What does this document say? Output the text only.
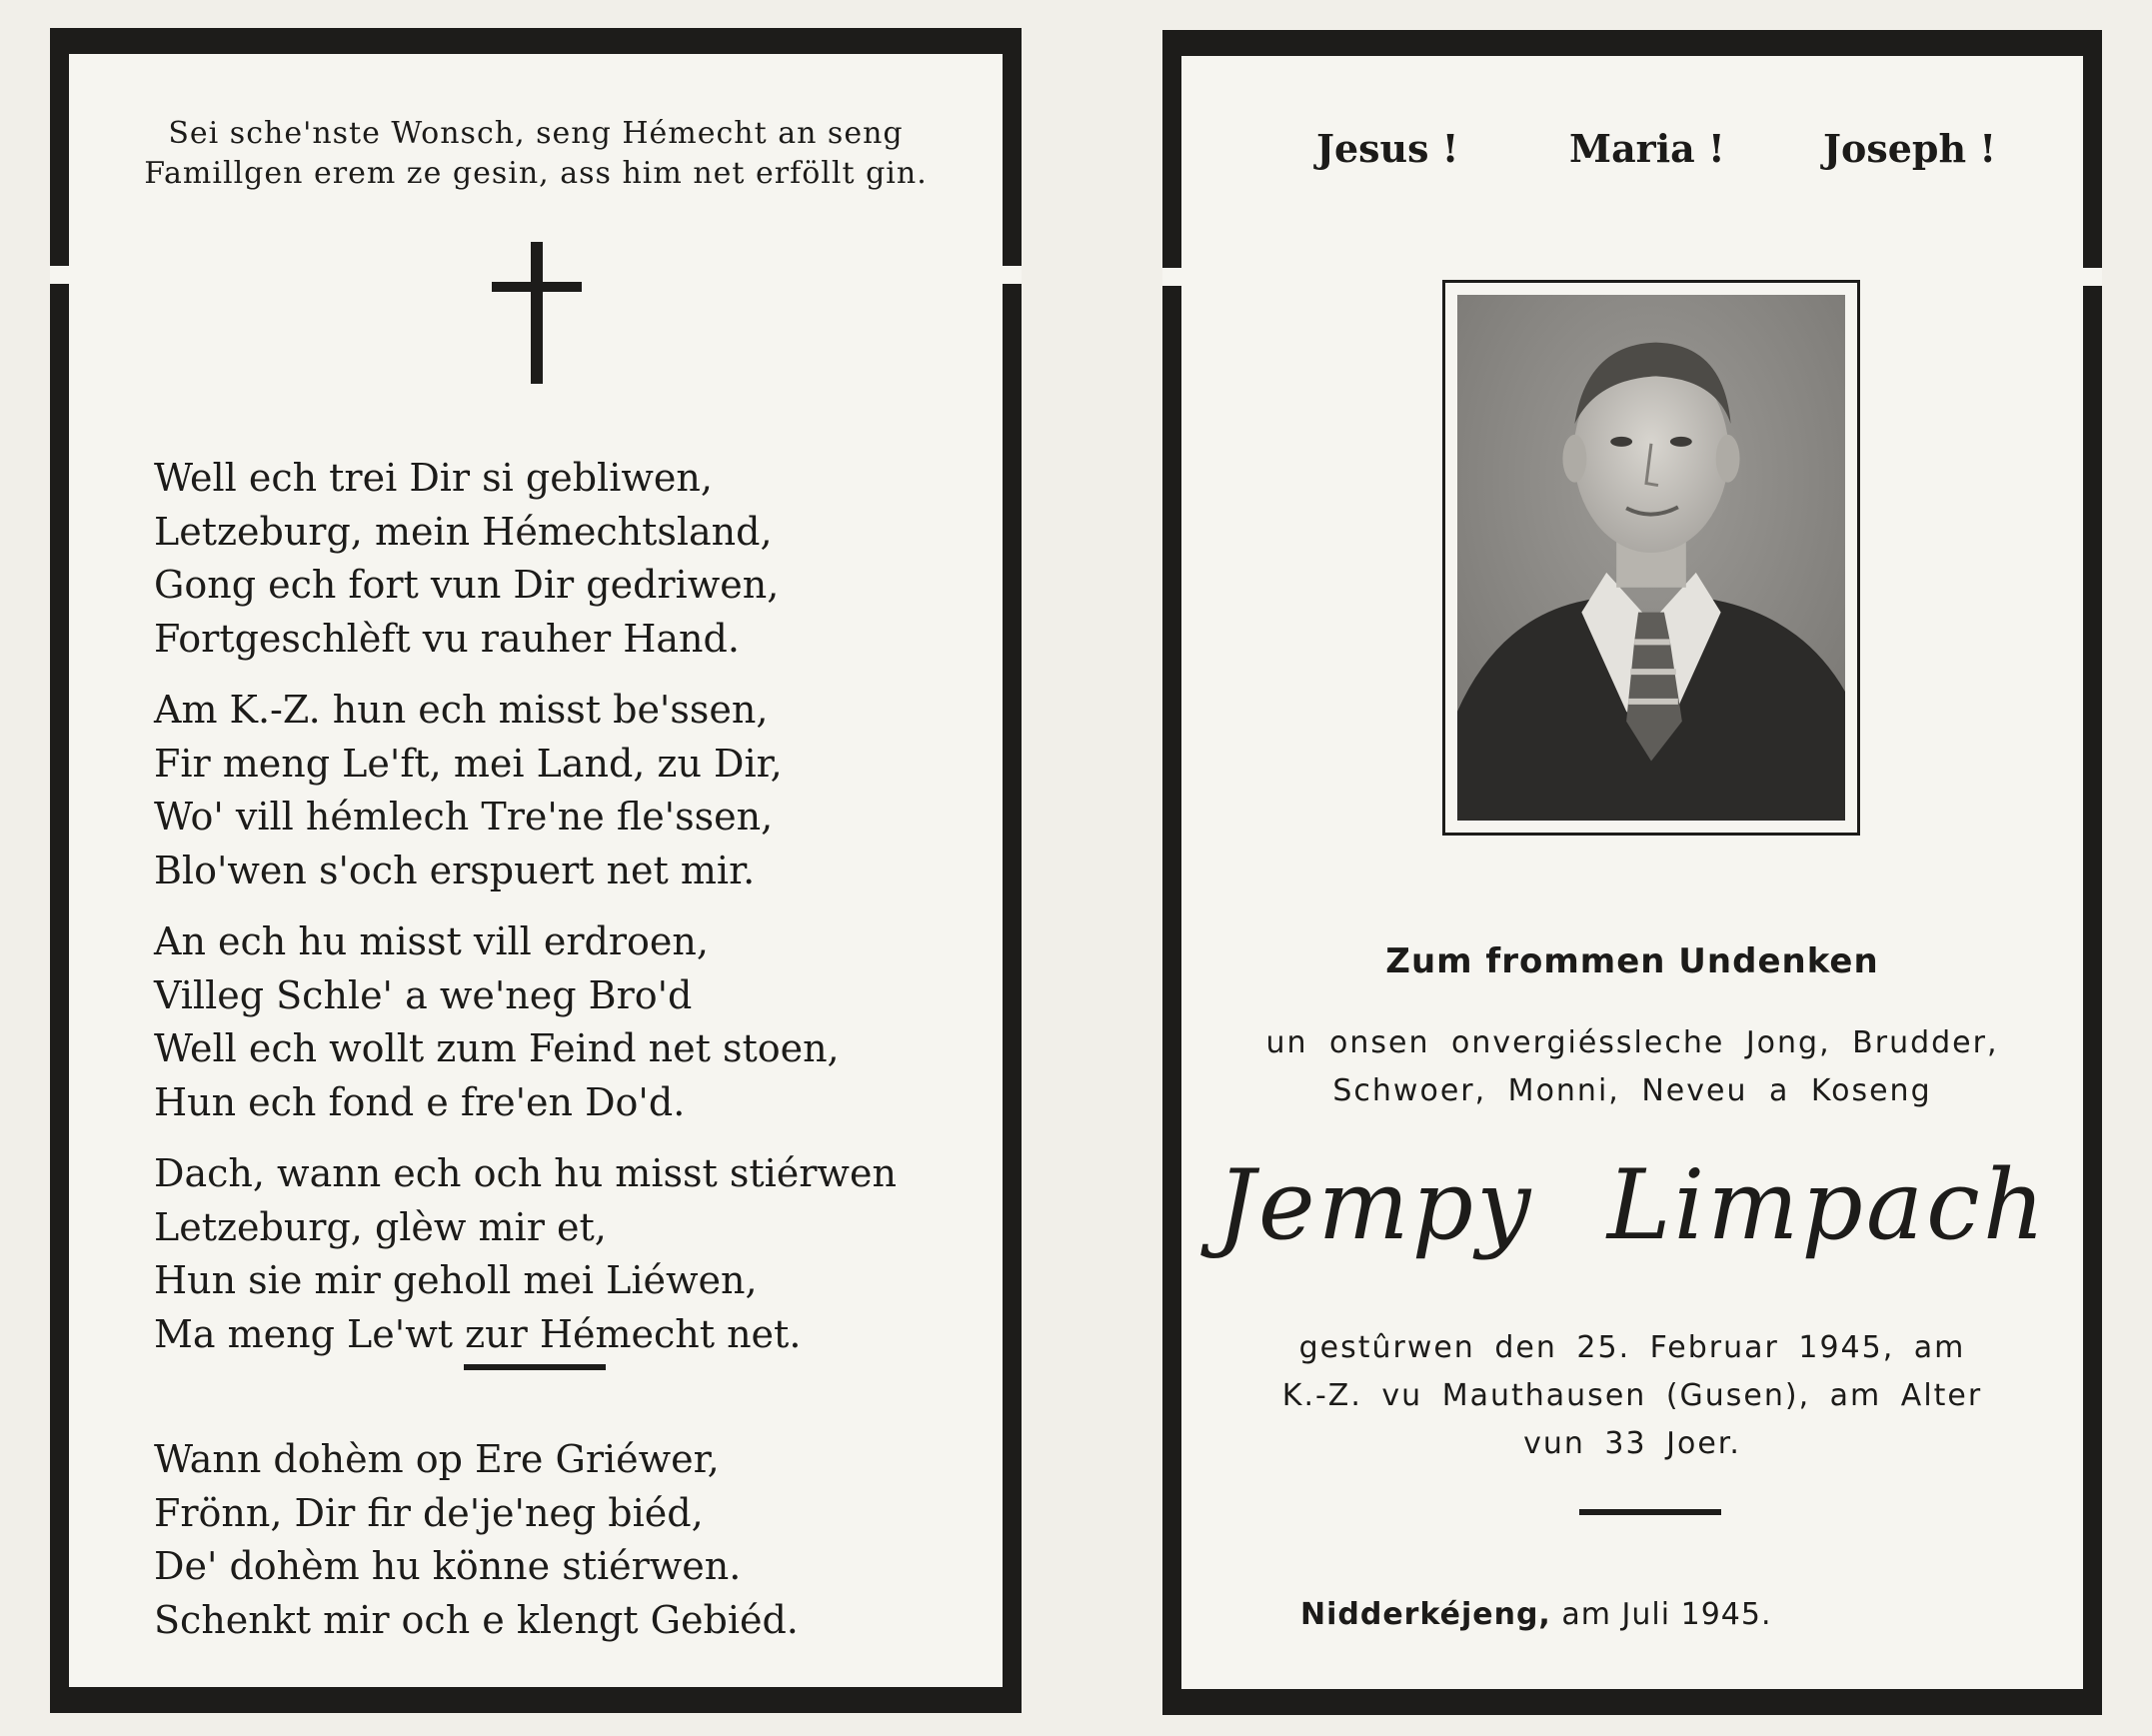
Sei sche'nste Wonsch, seng Hémecht an seng
Famillgen erem ze gesin, ass him net erföllt gin.
Well ech trei Dir si gebliwen,
Letzeburg, mein Hémechtsland,
Gong ech fort vun Dir gedriwen,
Fortgeschlèft vu rauher Hand.
Am K.-Z. hun ech misst be'ssen,
Fir meng Le'ft, mei Land, zu Dir,
Wo' vill hémlech Tre'ne fle'ssen,
Blo'wen s'och erspuert net mir.
An ech hu misst vill erdroen,
Villeg Schle' a we'neg Bro'd
Well ech wollt zum Feind net stoen,
Hun ech fond e fre'en Do'd.
Dach, wann ech och hu misst stiérwen
Letzeburg, glèw mir et,
Hun sie mir geholl mei Liéwen,
Ma meng Le'wt zur Hémecht net.
Wann dohèm op Ere Griéwer,
Frönn, Dir fir de'je'neg biéd,
De' dohèm hu könne stiérwen.
Schenkt mir och e klengt Gebiéd.
Jesus !	Maria !	Joseph !
Zum frommen Undenken
un onsen onvergiéssleche Jong, Brudder,
Schwoer, Monni, Neveu a Koseng
Jempy Limpach
gestûrwen den 25. Februar 1945, am
K.-Z. vu Mauthausen (Gusen), am Alter
vun 33 Joer.
Nidderkéjeng, am Juli 1945.
